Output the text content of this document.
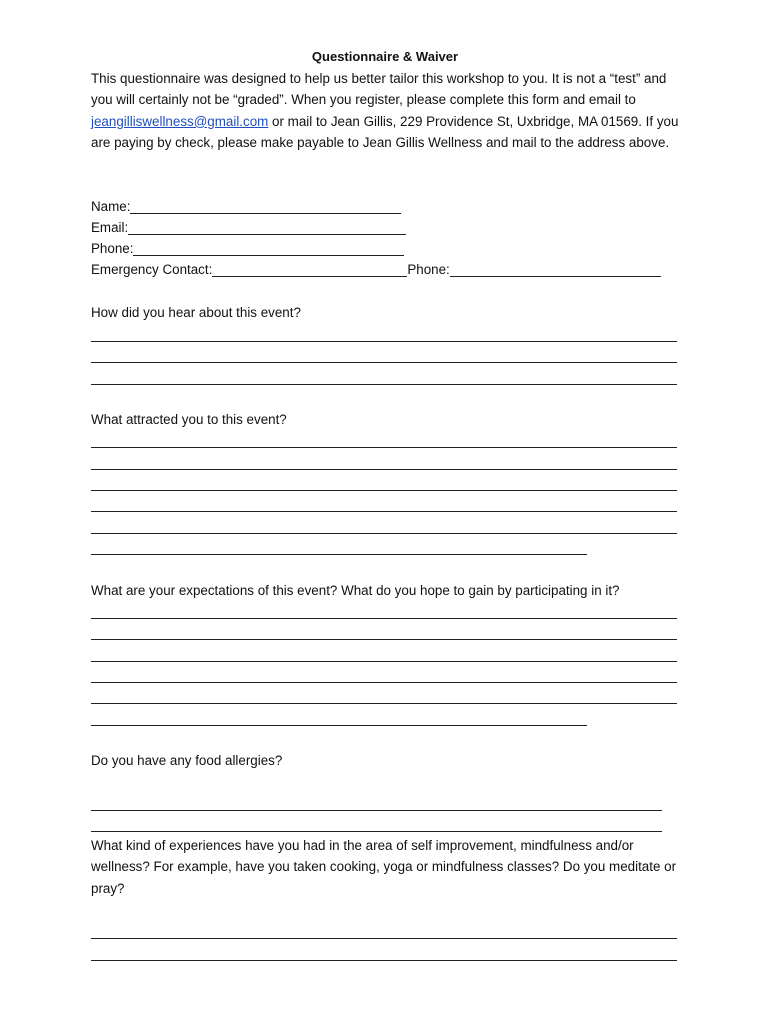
Questionnaire & Waiver

This questionnaire was designed to help us better tailor this workshop to you. It is not a “test” and you will certainly not be “graded”. When you register, please complete this form and email to jeangilliswellness@gmail.com or mail to Jean Gillis, 229 Providence St, Uxbridge, MA 01569. If you are paying by check, please make payable to Jean Gillis Wellness and mail to the address above.

Name:
Email:
Phone:
Emergency Contact:	Phone:

How did you hear about this event?

What attracted you to this event?

What are your expectations of this event? What do you hope to gain by participating in it?

Do you have any food allergies?

What kind of experiences have you had in the area of self improvement, mindfulness and/or wellness? For example, have you taken cooking, yoga or mindfulness classes? Do you meditate or pray?
